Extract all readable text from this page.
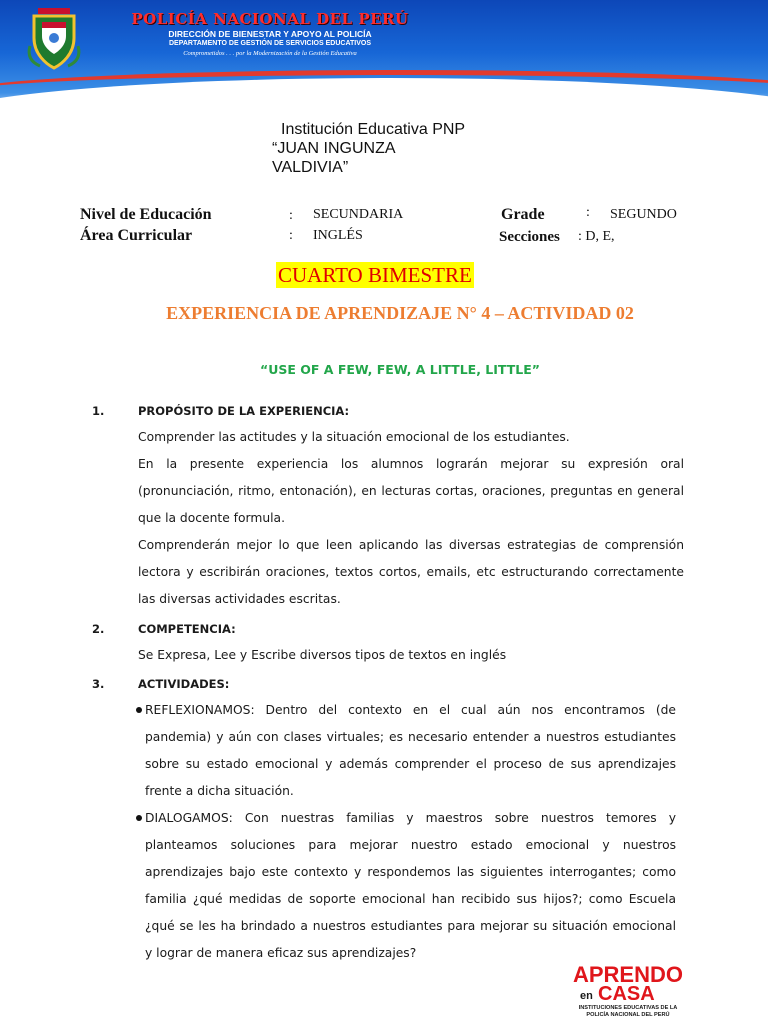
POLICÍA NACIONAL DEL PERÚ
DIRECCIÓN DE BIENESTAR Y APOYO AL POLICÍA
DEPARTAMENTO DE GESTIÓN DE SERVICIOS EDUCATIVOS
Comprometidos . . . por la Modernización de la Gestión Educativa
Institución Educativa PNP
“JUAN INGUNZA
VALDIVIA”
Nivel de Educación	: SECUNDARIA
Área Curricular	: INGLÉS
Grade	: SEGUNDO
Secciones : D, E,
CUARTO BIMESTRE
EXPERIENCIA DE APRENDIZAJE N° 4 – ACTIVIDAD 02
“USE OF A FEW, FEW, A LITTLE, LITTLE”
1.	PROPÓSITO DE LA EXPERIENCIA:

Comprender las actitudes y la situación emocional de los estudiantes.

En la presente experiencia los alumnos lograrán mejorar su expresión oral (pronunciación, ritmo, entonación), en lecturas cortas, oraciones, preguntas en general que la docente formula.

Comprenderán mejor lo que leen aplicando las diversas estrategias de comprensión lectora y escribirán oraciones, textos cortos, emails, etc estructurando correctamente las diversas actividades escritas.

2.	COMPETENCIA:

Se Expresa, Lee y Escribe diversos tipos de textos en inglés

3.	ACTIVIDADES:

REFLEXIONAMOS: Dentro del contexto en el cual aún nos encontramos (de pandemia) y aún con clases virtuales; es necesario entender a nuestros estudiantes sobre su estado emocional y además comprender el proceso de sus aprendizajes frente a dicha situación.

DIALOGAMOS: Con nuestras familias y maestros sobre nuestros temores y planteamos soluciones para mejorar nuestro estado emocional y nuestros aprendizajes bajo este contexto y respondemos las siguientes interrogantes; como familia ¿qué medidas de soporte emocional han recibido sus hijos?; como Escuela ¿qué se les ha brindado a nuestros estudiantes para mejorar su situación emocional y lograr de manera eficaz sus aprendizajes?

APRENDO
en CASA
INSTITUCIONES EDUCATIVAS DE LA
POLICÍA NACIONAL DEL PERÚ
